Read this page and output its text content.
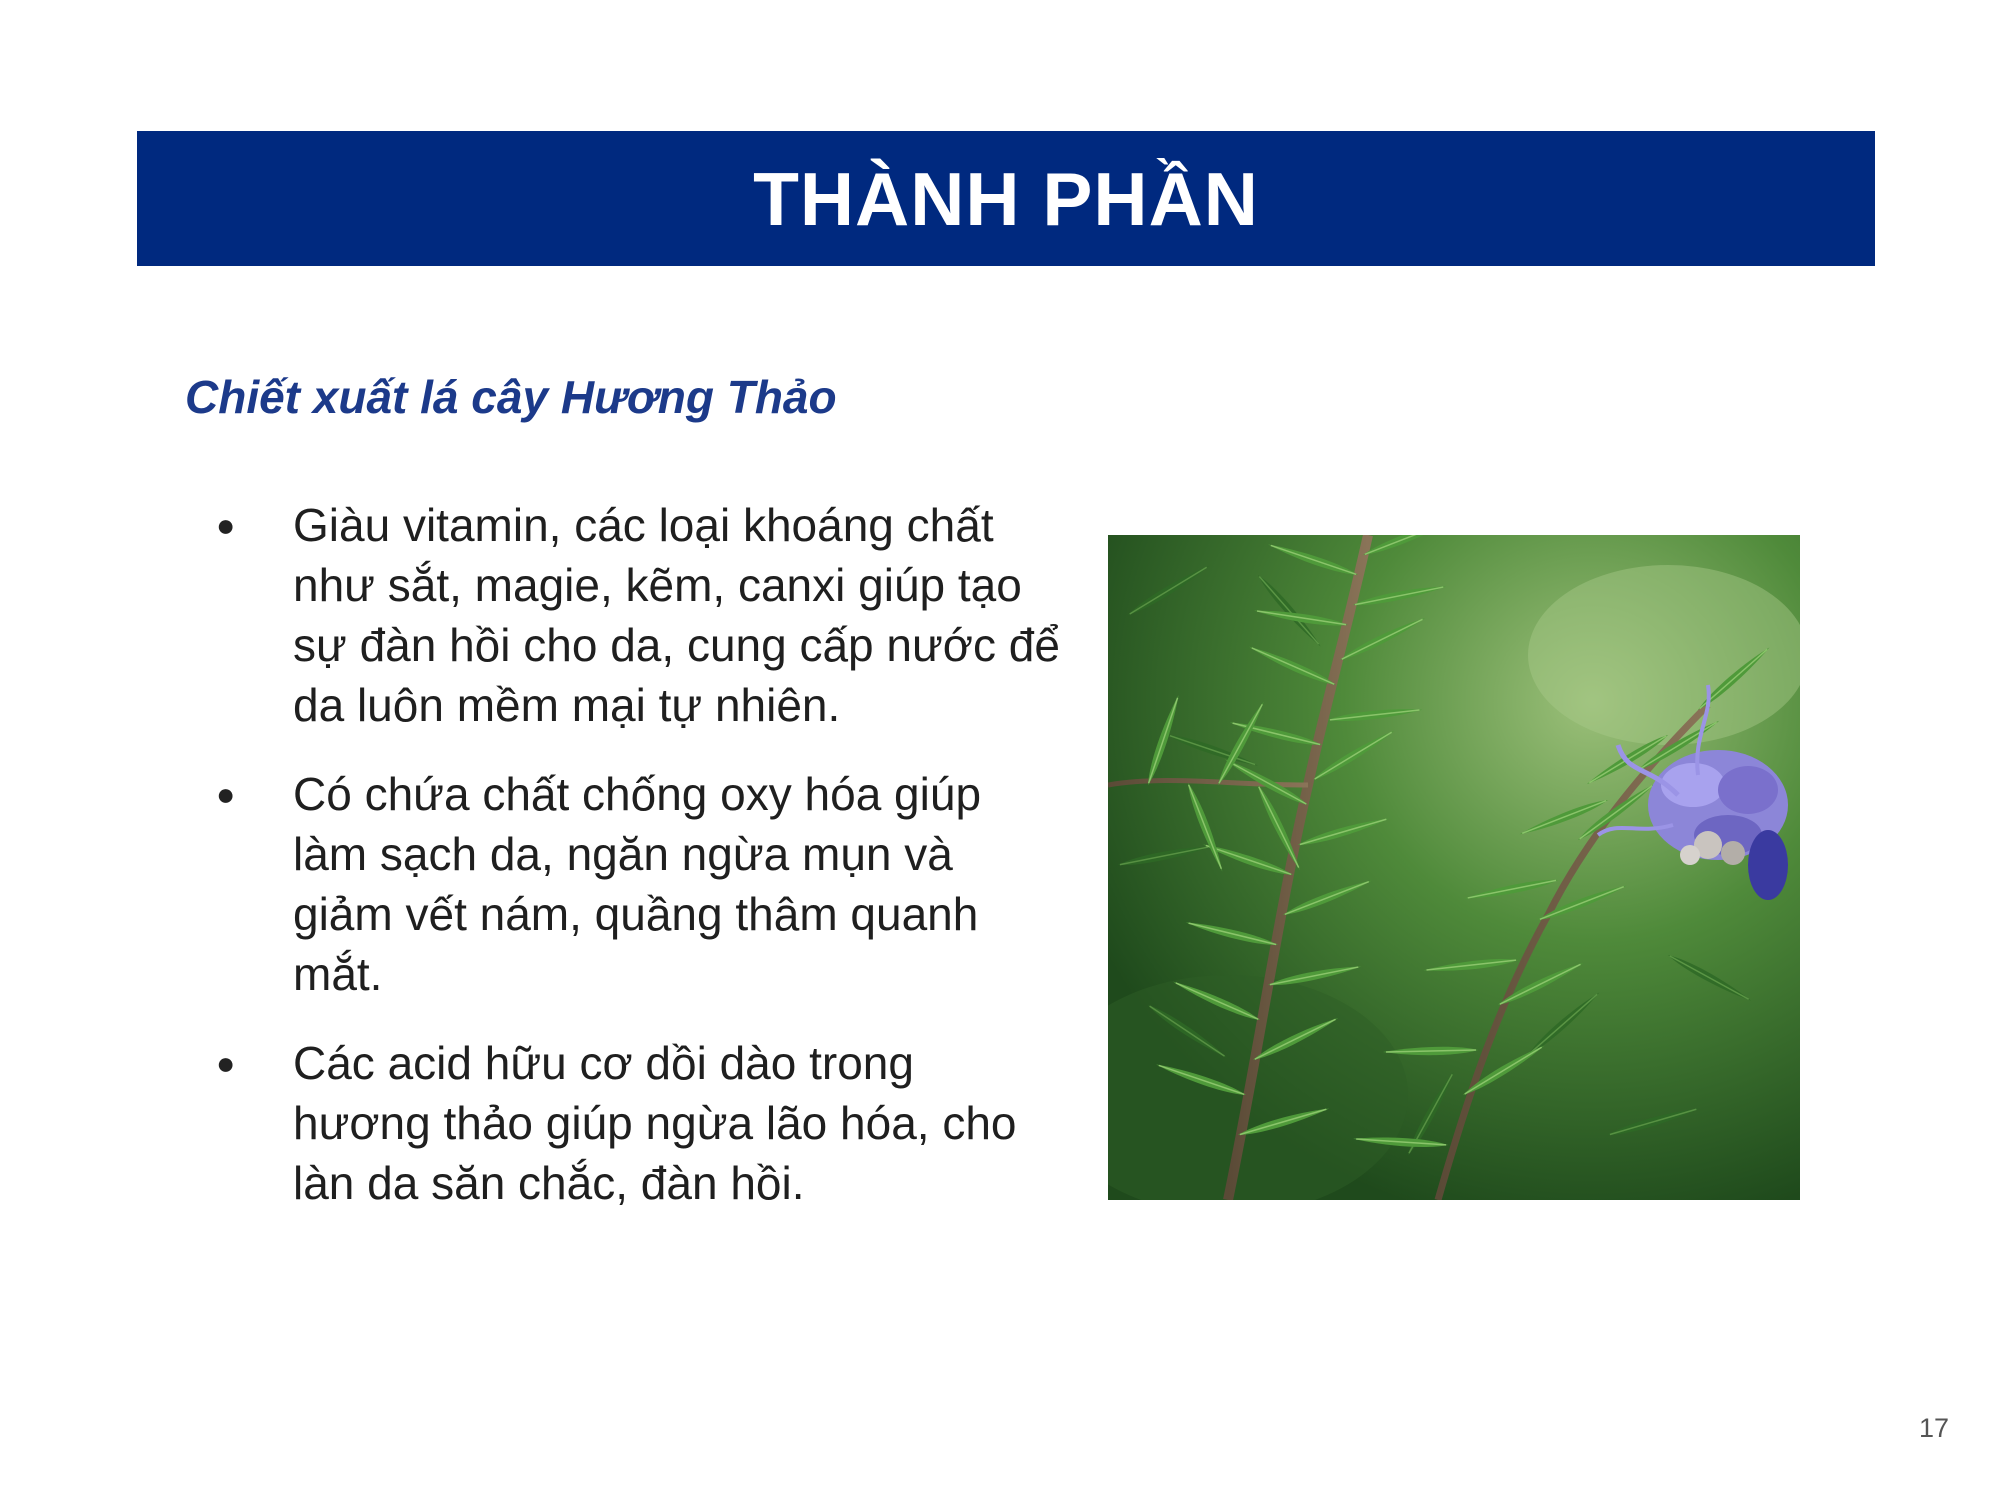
THÀNH PHẦN

Chiết xuất lá cây Hương Thảo

● Giàu vitamin, các loại khoáng chất như sắt, magie, kẽm, canxi giúp tạo sự đàn hồi cho da, cung cấp nước để da luôn mềm mại tự nhiên.
● Có chứa chất chống oxy hóa giúp làm sạch da, ngăn ngừa mụn và giảm vết nám, quầng thâm quanh mắt.
● Các acid hữu cơ dồi dào trong hương thảo giúp ngừa lão hóa, cho làn da săn chắc, đàn hồi.
17
